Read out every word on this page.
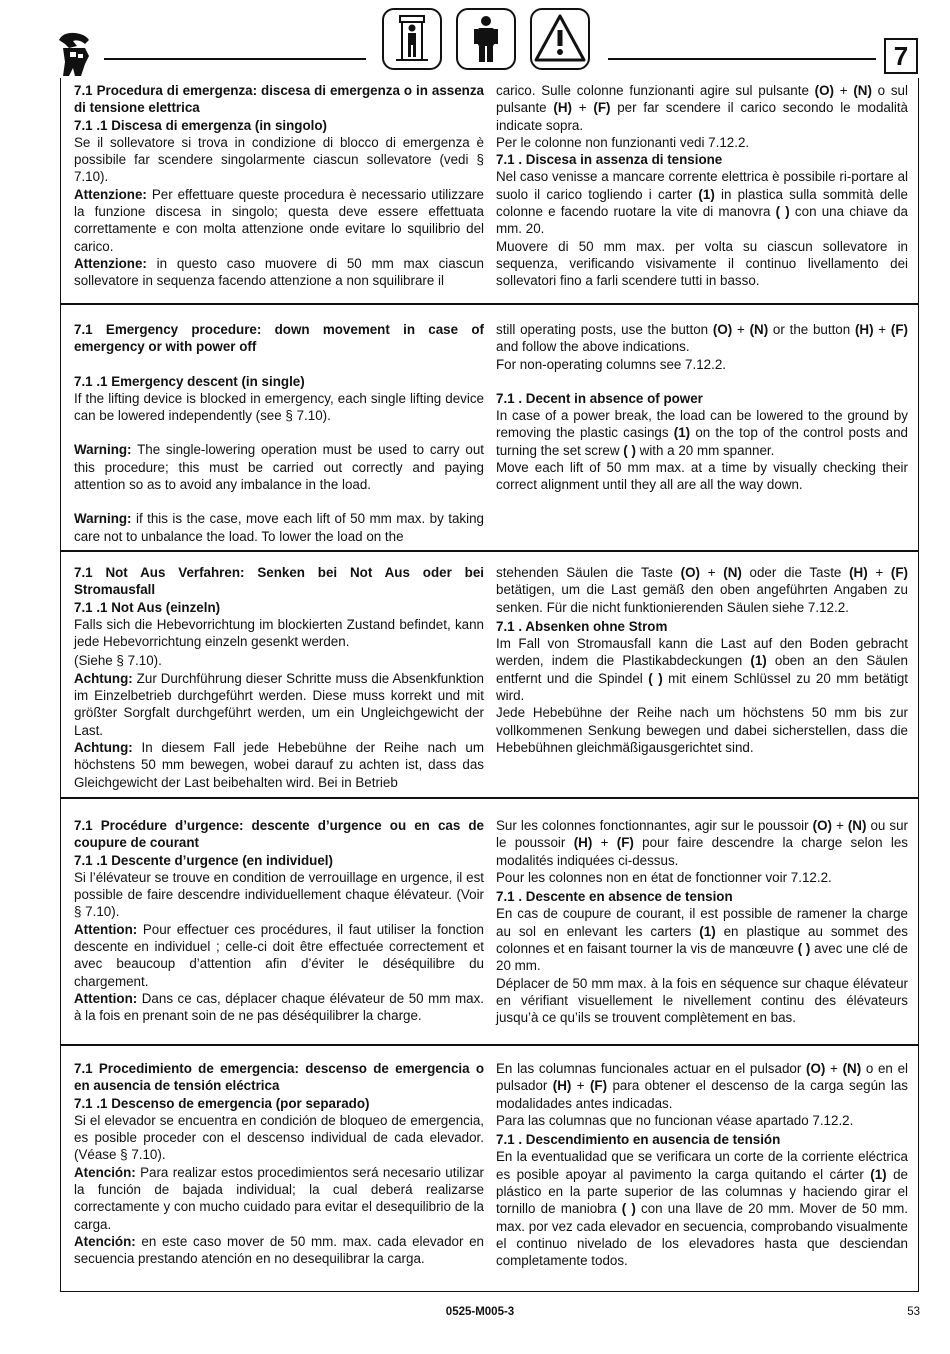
7

7.1 Procedura di emergenza: discesa di emergenza o in assenza di tensione elettrica

7.1 .1 Discesa di emergenza (in singolo)

Se il sollevatore si trova in condizione di blocco di emergenza è possibile far scendere singolarmente ciascun sollevatore (vedi § 7.10).

Attenzione: Per effettuare queste procedura è necessario utilizzare la funzione discesa in singolo; questa deve essere effettuata correttamente e con molta attenzione onde evitare lo squilibrio del carico.

Attenzione: in questo caso muovere di 50 mm max ciascun sollevatore in sequenza facendo attenzione a non squilibrare il

carico. Sulle colonne funzionanti agire sul pulsante (O) + (N) o sul pulsante (H) + (F) per far scendere il carico secondo le modalità indicate sopra.

Per le colonne non funzionanti vedi 7.12.2.

7.1 . Discesa in assenza di tensione

Nel caso venisse a mancare corrente elettrica è possibile ri-portare al suolo il carico togliendo i carter (1) in plastica sulla sommità delle colonne e facendo ruotare la vite di manovra ( ) con una chiave da mm. 20.

Muovere di 50 mm max. per volta su ciascun sollevatore in sequenza, verificando visivamente il continuo livellamento dei sollevatori fino a farli scendere tutti in basso.

7.1 Emergency procedure: down movement in case of emergency or with power off

7.1 .1 Emergency descent (in single)

If the lifting device is blocked in emergency, each single lifting device can be lowered independently (see § 7.10).

Warning: The single-lowering operation must be used to carry out this procedure; this must be carried out correctly and paying attention so as to avoid any imbalance in the load.

Warning: if this is the case, move each lift of 50 mm max. by taking care not to unbalance the load. To lower the load on the

still operating posts, use the button (O) + (N) or the button (H) + (F) and follow the above indications.

For non-operating columns see 7.12.2.

7.1 . Decent in absence of power

In case of a power break, the load can be lowered to the ground by removing the plastic casings (1) on the top of the control posts and turning the set screw ( ) with a 20 mm spanner.

Move each lift of 50 mm max. at a time by visually checking their correct alignment until they all are all the way down.

7.1 Not Aus Verfahren: Senken bei Not Aus oder bei Stromausfall

7.1 .1 Not Aus (einzeln)

Falls sich die Hebevorrichtung im blockierten Zustand befindet, kann jede Hebevorrichtung einzeln gesenkt werden.

(Siehe § 7.10).

Achtung: Zur Durchführung dieser Schritte muss die Absenkfunktion im Einzelbetrieb durchgeführt werden. Diese muss korrekt und mit größter Sorgfalt durchgeführt werden, um ein Ungleichgewicht der Last.

Achtung: In diesem Fall jede Hebebühne der Reihe nach um höchstens 50 mm bewegen, wobei darauf zu achten ist, dass das Gleichgewicht der Last beibehalten wird. Bei in Betrieb

stehenden Säulen die Taste (O) + (N) oder die Taste (H) + (F) betätigen, um die Last gemäß den oben angeführten Angaben zu senken. Für die nicht funktionierenden Säulen siehe 7.12.2.

7.1 . Absenken ohne Strom

Im Fall von Stromausfall kann die Last auf den Boden gebracht werden, indem die Plastikabdeckungen (1) oben an den Säulen entfernt und die Spindel ( ) mit einem Schlüssel zu 20 mm betätigt wird.

Jede Hebebühne der Reihe nach um höchstens 50 mm bis zur vollkommenen Senkung bewegen und dabei sicherstellen, dass die Hebebühnen gleichmäßigausgerichtet sind.

7.1 Procédure d’urgence: descente d’urgence ou en cas de coupure de courant

7.1 .1 Descente d’urgence (en individuel)

Si l’élévateur se trouve en condition de verrouillage en urgence, il est possible de faire descendre individuellement chaque élévateur. (Voir § 7.10).

Attention: Pour effectuer ces procédures, il faut utiliser la fonction descente en individuel ; celle-ci doit être effectuée correctement et avec beaucoup d’attention afin d’éviter le déséquilibre du chargement.

Attention: Dans ce cas, déplacer chaque élévateur de 50 mm max. à la fois en prenant soin de ne pas déséquilibrer la charge.

Sur les colonnes fonctionnantes, agir sur le poussoir (O) + (N) ou sur le poussoir (H) + (F) pour faire descendre la charge selon les modalités indiquées ci-dessus.

Pour les colonnes non en état de fonctionner voir 7.12.2.

7.1 . Descente en absence de tension

En cas de coupure de courant, il est possible de ramener la charge au sol en enlevant les carters (1) en plastique au sommet des colonnes et en faisant tourner la vis de manœuvre ( ) avec une clé de 20 mm.

Déplacer de 50 mm max. à la fois en séquence sur chaque élévateur en vérifiant visuellement le nivellement continu des élévateurs jusqu’à ce qu’ils se trouvent complètement en bas.

7.1 Procedimiento de emergencia: descenso de emergencia o en ausencia de tensión eléctrica

7.1 .1 Descenso de emergencia (por separado)

Si el elevador se encuentra en condición de bloqueo de emergencia, es posible proceder con el descenso individual de cada elevador. (Véase § 7.10).

Atención: Para realizar estos procedimientos será necesario utilizar la función de bajada individual; la cual deberá realizarse correctamente y con mucho cuidado para evitar el desequilibrio de la carga.

Atención: en este caso mover de 50 mm. max. cada elevador en secuencia prestando atención en no desequilibrar la carga.

En las columnas funcionales actuar en el pulsador (O) + (N) o en el pulsador (H) + (F) para obtener el descenso de la carga según las modalidades antes indicadas.

Para las columnas que no funcionan véase apartado 7.12.2.

7.1 . Descendimiento en ausencia de tensión

En la eventualidad que se verificara un corte de la corriente eléctrica es posible apoyar al pavimento la carga quitando el cárter (1) de plástico en la parte superior de las columnas y haciendo girar el tornillo de maniobra ( ) con una llave de 20 mm. Mover de 50 mm. max. por vez cada elevador en secuencia, comprobando visualmente el continuo nivelado de los elevadores hasta que desciendan completamente todos.

0525-M005-3	53
